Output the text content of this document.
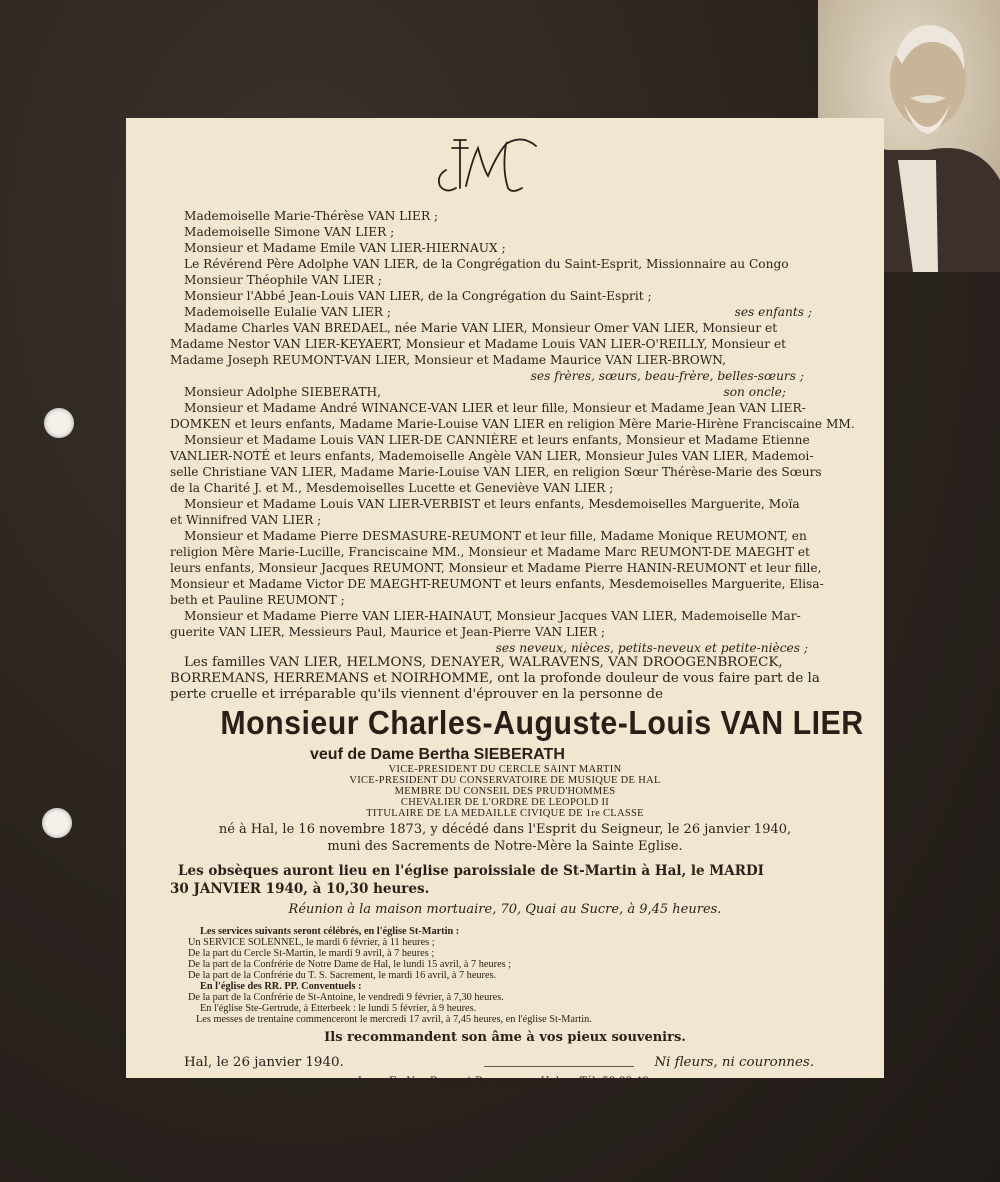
Mademoiselle Marie-Thérèse VAN LIER ;
Mademoiselle Simone VAN LIER ;
Monsieur et Madame Emile VAN LIER-HIERNAUX ;
Le Révérend Père Adolphe VAN LIER, de la Congrégation du Saint-Esprit, Missionnaire au Congo
Monsieur Théophile VAN LIER ;
Monsieur l'Abbé Jean-Louis VAN LIER, de la Congrégation du Saint-Esprit ;
Mademoiselle Eulalie VAN LIER ;	ses enfants ;
Madame Charles VAN BREDAEL, née Marie VAN LIER, Monsieur Omer VAN LIER, Monsieur et
Madame Nestor VAN LIER-KEYAERT, Monsieur et Madame Louis VAN LIER-O'REILLY, Monsieur et
Madame Joseph REUMONT-VAN LIER, Monsieur et Madame Maurice VAN LIER-BROWN,
ses frères, sœurs, beau-frère, belles-sœurs ;
Monsieur Adolphe SIEBERATH,	son oncle;
Monsieur et Madame André WINANCE-VAN LIER et leur fille, Monsieur et Madame Jean VAN LIER-
DOMKEN et leurs enfants, Madame Marie-Louise VAN LIER en religion Mère Marie-Hirène Franciscaine MM.
Monsieur et Madame Louis VAN LIER-DE CANNIÈRE et leurs enfants, Monsieur et Madame Etienne
VANLIER-NOTÉ et leurs enfants, Mademoiselle Angèle VAN LIER, Monsieur Jules VAN LIER, Mademoi-
selle Christiane VAN LIER, Madame Marie-Louise VAN LIER, en religion Sœur Thérèse-Marie des Sœurs
de la Charité J. et M., Mesdemoiselles Lucette et Geneviève VAN LIER ;
Monsieur et Madame Louis VAN LIER-VERBIST et leurs enfants, Mesdemoiselles Marguerite, Moïa
et Winnifred VAN LIER ;
Monsieur et Madame Pierre DESMASURE-REUMONT et leur fille, Madame Monique REUMONT, en
religion Mère Marie-Lucille, Franciscaine MM., Monsieur et Madame Marc REUMONT-DE MAEGHT et
leurs enfants, Monsieur Jacques REUMONT, Monsieur et Madame Pierre HANIN-REUMONT et leur fille,
Monsieur et Madame Victor DE MAEGHT-REUMONT et leurs enfants, Mesdemoiselles Marguerite, Elisa-
beth et Pauline REUMONT ;
Monsieur et Madame Pierre VAN LIER-HAINAUT, Monsieur Jacques VAN LIER, Mademoiselle Mar-
guerite VAN LIER, Messieurs Paul, Maurice et Jean-Pierre VAN LIER ;
ses neveux, nièces, petits-neveux et petite-nièces ;
Les familles VAN LIER, HELMONS, DENAYER, WALRAVENS, VAN DROOGENBROECK,
BORREMANS, HERREMANS et NOIRHOMME, ont la profonde douleur de vous faire part de la
perte cruelle et irréparable qu'ils viennent d'éprouver en la personne de
Monsieur Charles-Auguste-Louis VAN LIER
veuf de Dame Bertha SIEBERATH
VICE-PRESIDENT DU CERCLE SAINT MARTIN
VICE-PRESIDENT DU CONSERVATOIRE DE MUSIQUE DE HAL
MEMBRE DU CONSEIL DES PRUD'HOMMES
CHEVALIER DE L'ORDRE DE LEOPOLD II
TITULAIRE DE LA MEDAILLE CIVIQUE DE 1re CLASSE
né à Hal, le 16 novembre 1873, y décédé dans l'Esprit du Seigneur, le 26 janvier 1940,
muni des Sacrements de Notre-Mère la Sainte Eglise.
Les obsèques auront lieu en l'église paroissiale de St-Martin à Hal, le MARDI
30 JANVIER 1940, à 10,30 heures.
Réunion à la maison mortuaire, 70, Quai au Sucre, à 9,45 heures.
Les services suivants seront célébrés, en l'église St-Martin :
Un SERVICE SOLENNEL, le mardi 6 février, à 11 heures ;
De la part du Cercle St-Martin, le mardi 9 avril, à 7 heures ;
De la part de la Confrérie de Notre Dame de Hal, le lundi 15 avril, à 7 heures ;
De la part de la Confrérie du T. S. Sacrement, le mardi 16 avril, à 7 heures.
En l'église des RR. PP. Conventuels :
De la part de la Confrérie de St-Antoine, le vendredi 9 février, à 7,30 heures.
En l'église Ste-Gertrude, à Etterbeek : le lundi 5 février, à 9 heures.
Les messes de trentaine commenceront le mercredi 17 avril, à 7,45 heures, en l'église St-Martin.
Ils recommandent son âme à vos pieux souvenirs.
Hal, le 26 janvier 1940.	Ni fleurs, ni couronnes.
Impr. Fr. Van Bossuyt-Borremans, Hal. — Tél. 53 33 49.
